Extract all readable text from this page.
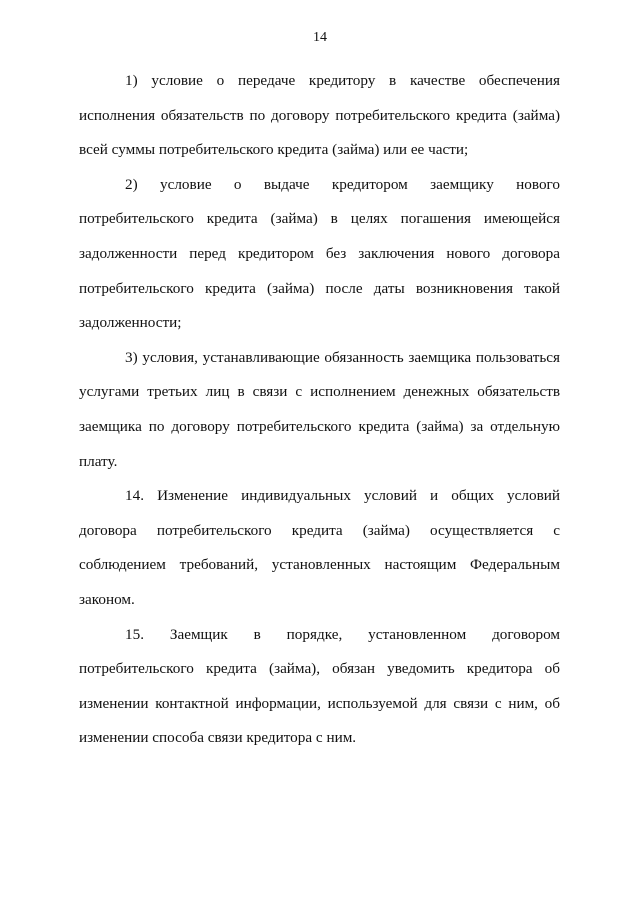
14
1) условие о передаче кредитору в качестве обеспечения
исполнения обязательств по договору потребительского кредита (займа)
всей суммы потребительского кредита (займа) или ее части;
2) условие о выдаче кредитором заемщику нового
потребительского кредита (займа) в целях погашения имеющейся
задолженности перед кредитором без заключения нового договора
потребительского кредита (займа) после даты возникновения такой
задолженности;
3) условия, устанавливающие обязанность заемщика пользоваться
услугами третьих лиц в связи с исполнением денежных обязательств
заемщика по договору потребительского кредита (займа) за отдельную
плату.
14. Изменение индивидуальных условий и общих условий
договора потребительского кредита (займа) осуществляется с
соблюдением требований, установленных настоящим Федеральным
законом.
15. Заемщик в порядке, установленном договором
потребительского кредита (займа), обязан уведомить кредитора об
изменении контактной информации, используемой для связи с ним, об
изменении способа связи кредитора с ним.
